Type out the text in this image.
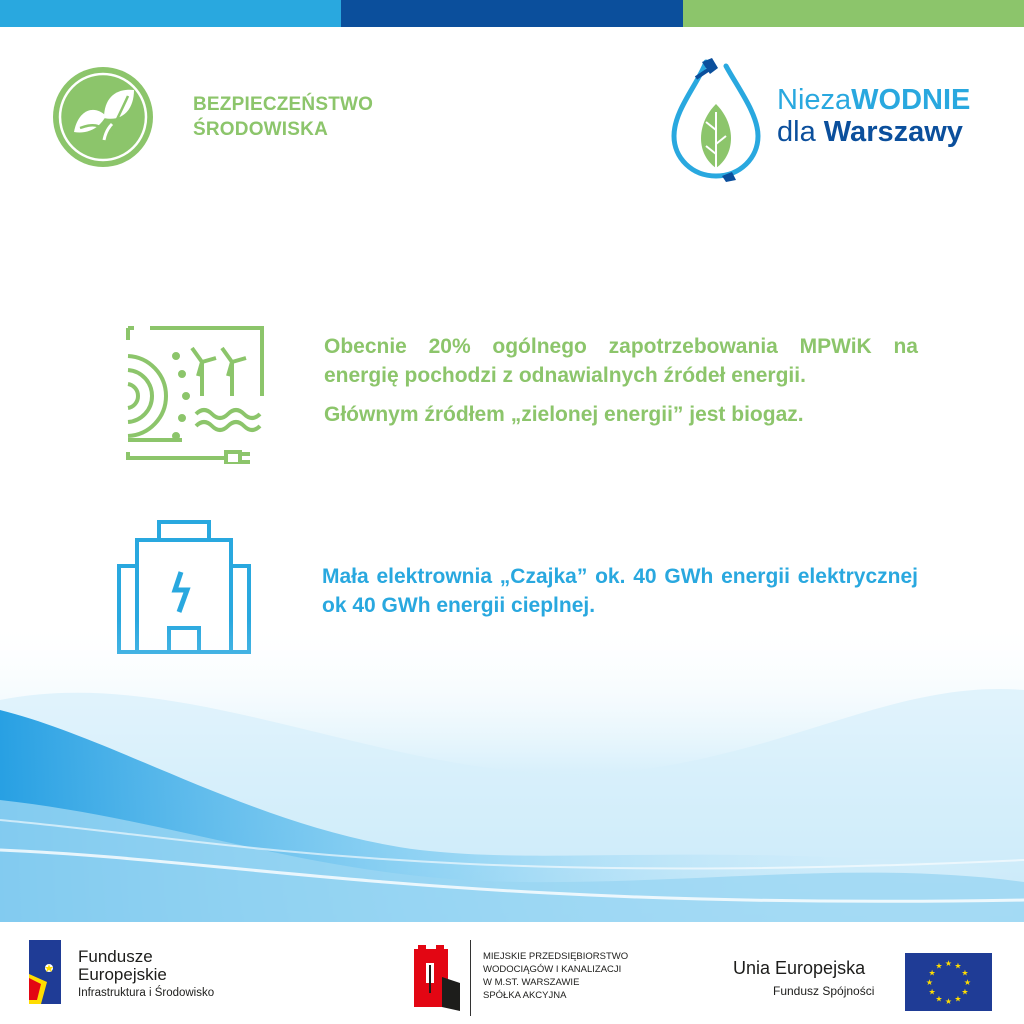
BEZPIECZEŃSTWO
ŚRODOWISKA
NiezaWODNIE
dla Warszawy

Obecnie 20% ogólnego zapotrzebowania MPWiK na energię pochodzi z odnawialnych źródeł energii.

Głównym źródłem „zielonej energii” jest biogaz.

Mała elektrownia „Czajka” ok. 40 GWh energii elektrycznej ok 40 GWh energii cieplnej.
Fundusze
Europejskie
Infrastruktura i Środowisko
MIEJSKIE PRZEDSIĘBIORSTWO
WODOCIĄGÓW I KANALIZACJI
W M.ST. WARSZAWIE
SPÓŁKA AKCYJNA
Unia Europejska
Fundusz Spójności
★ ★
★
★
★
★
★
★
★
★
★
★
